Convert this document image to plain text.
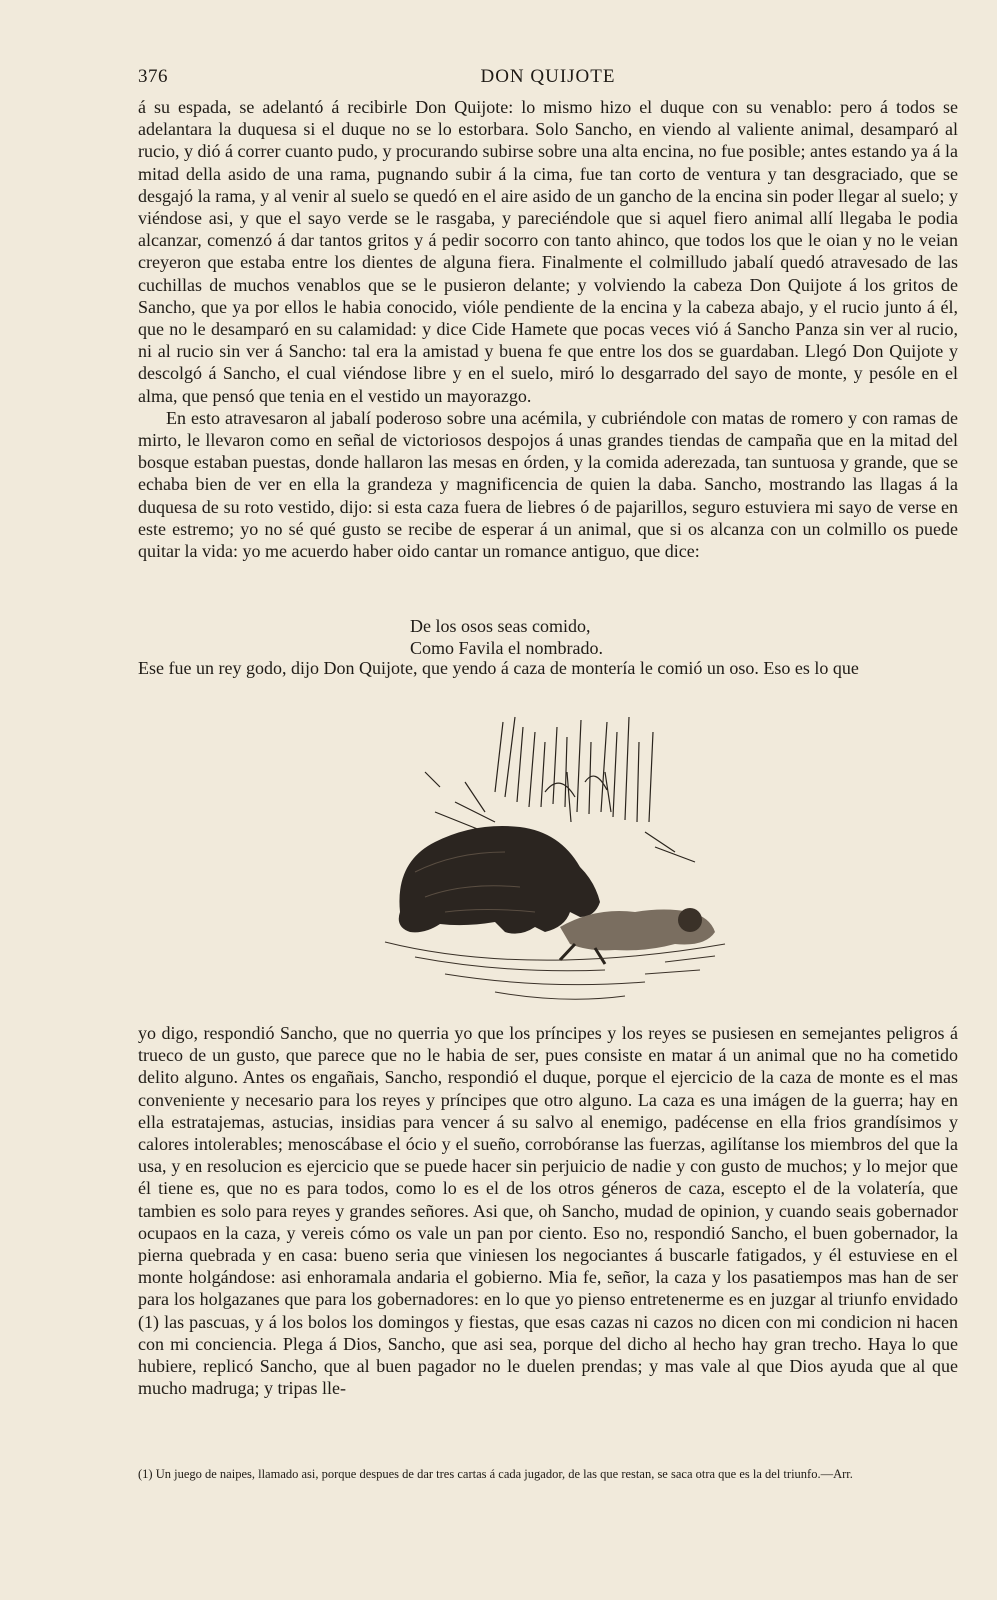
376	DON QUIJOTE

á su espada, se adelantó á recibirle Don Quijote: lo mismo hizo el duque con su venablo: pero á todos se adelantara la duquesa si el duque no se lo estorbara. Solo Sancho, en viendo al valiente animal, desamparó al rucio, y dió á correr cuanto pudo, y procurando subirse sobre una alta encina, no fue posible; antes estando ya á la mitad della asido de una rama, pugnando subir á la cima, fue tan corto de ventura y tan desgraciado, que se desgajó la rama, y al venir al suelo se quedó en el aire asido de un gancho de la encina sin poder llegar al suelo; y viéndose asi, y que el sayo verde se le rasgaba, y pareciéndole que si aquel fiero animal allí llegaba le podia alcanzar, comenzó á dar tantos gritos y á pedir socorro con tanto ahinco, que todos los que le oian y no le veian creyeron que estaba entre los dientes de alguna fiera. Finalmente el colmilludo jabalí quedó atravesado de las cuchillas de muchos venablos que se le pusieron delante; y volviendo la cabeza Don Quijote á los gritos de Sancho, que ya por ellos le habia conocido, vióle pendiente de la encina y la cabeza abajo, y el rucio junto á él, que no le desamparó en su calamidad: y dice Cide Hamete que pocas veces vió á Sancho Panza sin ver al rucio, ni al rucio sin ver á Sancho: tal era la amistad y buena fe que entre los dos se guardaban. Llegó Don Quijote y descolgó á Sancho, el cual viéndose libre y en el suelo, miró lo desgarrado del sayo de monte, y pesóle en el alma, que pensó que tenia en el vestido un mayorazgo.

En esto atravesaron al jabalí poderoso sobre una acémila, y cubriéndole con matas de romero y con ramas de mirto, le llevaron como en señal de victoriosos despojos á unas grandes tiendas de campaña que en la mitad del bosque estaban puestas, donde hallaron las mesas en órden, y la comida aderezada, tan suntuosa y grande, que se echaba bien de ver en ella la grandeza y magnificencia de quien la daba. Sancho, mostrando las llagas á la duquesa de su roto vestido, dijo: si esta caza fuera de liebres ó de pajarillos, seguro estuviera mi sayo de verse en este estremo; yo no sé qué gusto se recibe de esperar á un animal, que si os alcanza con un colmillo os puede quitar la vida: yo me acuerdo haber oido cantar un romance antiguo, que dice:

De los osos seas comido,
Como Favila el nombrado.

Ese fue un rey godo, dijo Don Quijote, que yendo á caza de montería le comió un oso. Eso es lo que

yo digo, respondió Sancho, que no querria yo que los príncipes y los reyes se pusiesen en semejantes peligros á trueco de un gusto, que parece que no le habia de ser, pues consiste en matar á un animal que no ha cometido delito alguno. Antes os engañais, Sancho, respondió el duque, porque el ejercicio de la caza de monte es el mas conveniente y necesario para los reyes y príncipes que otro alguno. La caza es una imágen de la guerra; hay en ella estratajemas, astucias, insidias para vencer á su salvo al enemigo, padécense en ella frios grandísimos y calores intolerables; menoscábase el ócio y el sueño, corrobóranse las fuerzas, agilítanse los miembros del que la usa, y en resolucion es ejercicio que se puede hacer sin perjuicio de nadie y con gusto de muchos; y lo mejor que él tiene es, que no es para todos, como lo es el de los otros géneros de caza, escepto el de la volatería, que tambien es solo para reyes y grandes señores. Asi que, oh Sancho, mudad de opinion, y cuando seais gobernador ocupaos en la caza, y vereis cómo os vale un pan por ciento. Eso no, respondió Sancho, el buen gobernador, la pierna quebrada y en casa: bueno seria que viniesen los negociantes á buscarle fatigados, y él estuviese en el monte holgándose: asi enhoramala andaria el gobierno. Mia fe, señor, la caza y los pasatiempos mas han de ser para los holgazanes que para los gobernadores: en lo que yo pienso entretenerme es en juzgar al triunfo envidado (1) las pascuas, y á los bolos los domingos y fiestas, que esas cazas ni cazos no dicen con mi condicion ni hacen con mi conciencia. Plega á Dios, Sancho, que asi sea, porque del dicho al hecho hay gran trecho. Haya lo que hubiere, replicó Sancho, que al buen pagador no le duelen prendas; y mas vale al que Dios ayuda que al que mucho madruga; y tripas lle-

(1) Un juego de naipes, llamado asi, porque despues de dar tres cartas á cada jugador, de las que restan, se saca otra que es la del triunfo.—Arr.
